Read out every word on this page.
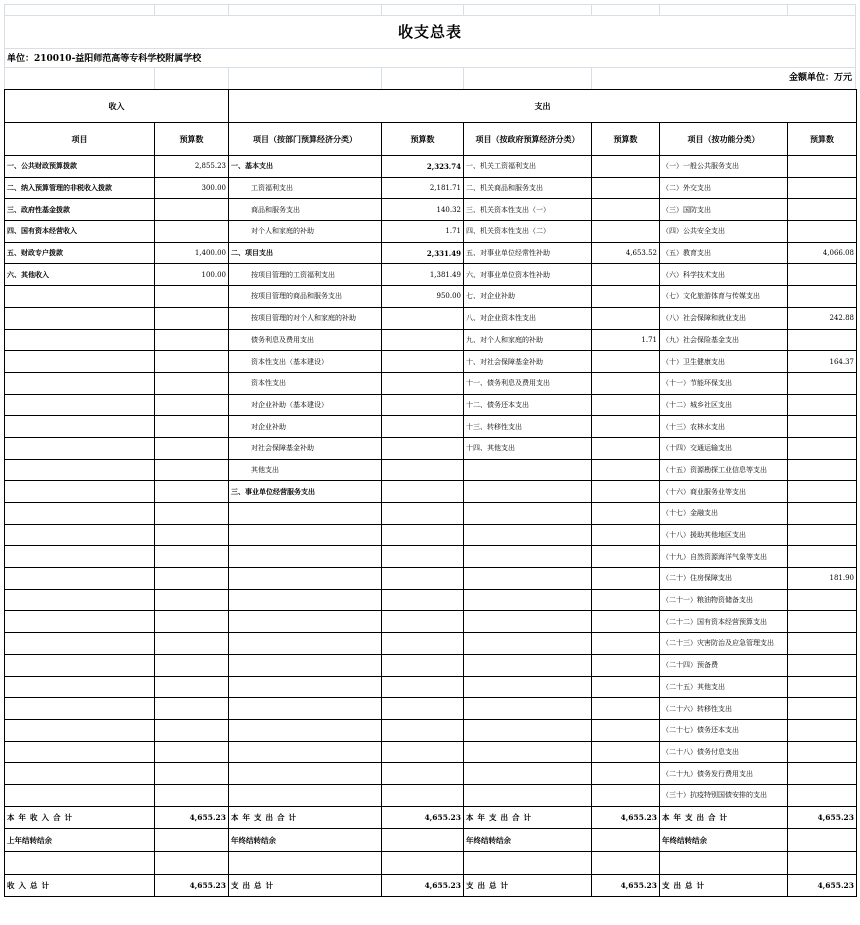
收支总表
单位：210010-益阳师范高等专科学校附属学校
金额单位：万元
收入		支出					
项目	预算数	项目（按部门预算经济分类）	预算数	项目（按政府预算经济分类）	预算数	项目（按功能分类）	预算数
一、公共财政预算拨款	2,855.23	一、基本支出	2,323.74	一、机关工资福利支出		（一）一般公共服务支出	
二、纳入预算管理的非税收入拨款	300.00	工资福利支出	2,181.71	二、机关商品和服务支出		（二）外交支出	
三、政府性基金拨款		商品和服务支出	140.32	三、机关资本性支出（一）		（三）国防支出	
四、国有资本经营收入		对个人和家庭的补助	1.71	四、机关资本性支出（二）		（四）公共安全支出	
五、财政专户拨款	1,400.00	二、项目支出	2,331.49	五、对事业单位经常性补助	4,653.52	（五）教育支出	4,066.08
六、其他收入	100.00	按项目管理的工资福利支出	1,381.49	六、对事业单位资本性补助		（六）科学技术支出	
		按项目管理的商品和服务支出	950.00	七、对企业补助		（七）文化旅游体育与传媒支出	
		按项目管理的对个人和家庭的补助		八、对企业资本性支出		（八）社会保障和就业支出	242.88
		债务利息及费用支出		九、对个人和家庭的补助	1.71	（九）社会保险基金支出	
		资本性支出（基本建设）		十、对社会保障基金补助		（十）卫生健康支出	164.37
		资本性支出		十一、债务利息及费用支出		（十一）节能环保支出	
		对企业补助（基本建设）		十二、债务还本支出		（十二）城乡社区支出	
		对企业补助		十三、转移性支出		（十三）农林水支出	
		对社会保障基金补助		十四、其他支出		（十四）交通运输支出	
		其他支出				（十五）资源勘探工业信息等支出	
		三、事业单位经营服务支出				（十六）商业服务业等支出	
						（十七）金融支出	
						（十八）援助其他地区支出	
						（十九）自然资源海洋气象等支出	
						（二十）住房保障支出	181.90
						（二十一）粮油物资储备支出	
						（二十二）国有资本经营预算支出	
						（二十三）灾害防治及应急管理支出	
						（二十四）预备费	
						（二十五）其他支出	
						（二十六）转移性支出	
						（二十七）债务还本支出	
						（二十八）债务付息支出	
						（二十九）债务发行费用支出	
						（三十）抗疫特别国债安排的支出	
本年收入合计	4,655.23	本年支出合计	4,655.23	本年支出合计	4,655.23	本年支出合计	4,655.23
上年结转结余		年终结转结余		年终结转结余		年终结转结余	

收入总计	4,655.23	支出总计	4,655.23	支出总计	4,655.23	支出总计	4,655.23
